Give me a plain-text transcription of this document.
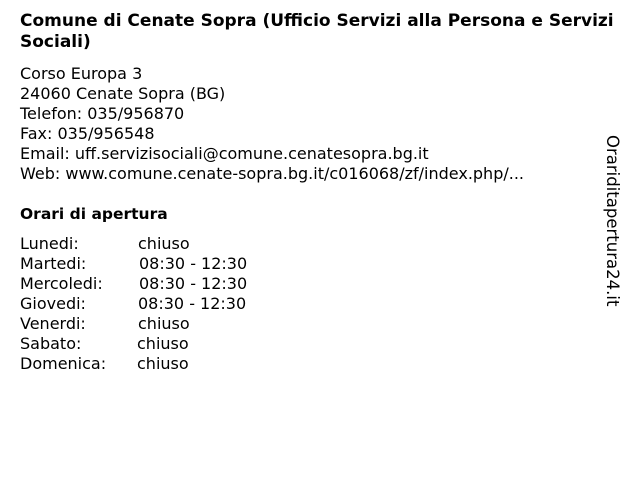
Comune di Cenate Sopra (Ufficio Servizi alla Persona e Servizi Sociali)
Corso Europa 3
24060 Cenate Sopra (BG)
Telefon: 035/956870
Fax: 035/956548
Email: uff.servizisociali@comune.cenatesopra.bg.it
Web: www.comune.cenate-sopra.bg.it/c016068/zf/index.php/...
Orari di apertura
Lunedi:	chiuso
Martedi:	08:30 - 12:30
Mercoledi: 08:30 - 12:30
Giovedi:	08:30 - 12:30
Venerdi:	chiuso
Sabato:	chiuso
Domenica: chiuso
Orariditapertura24.it
